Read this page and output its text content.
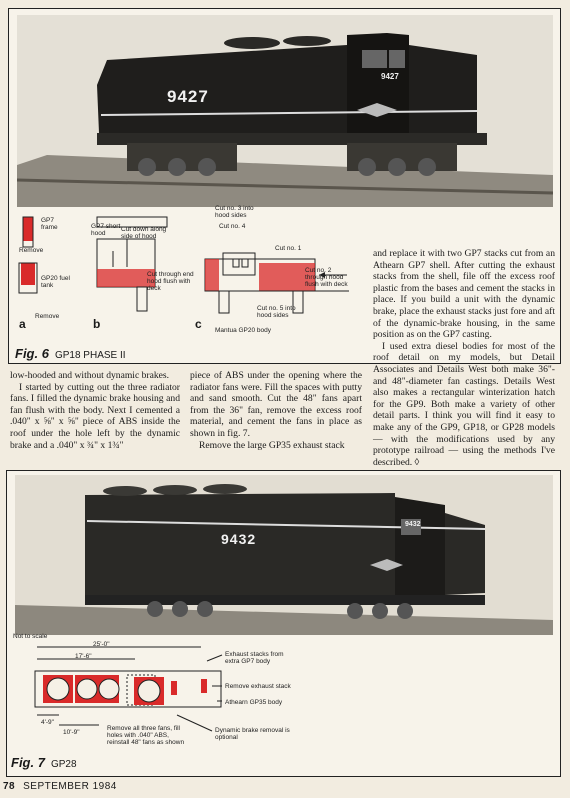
9427
9427
GP7 frame
Remove
GP20 fuel tank
Remove
a
GP7 short hood
Cut down along side of hood
Cut through end hood flush with deck
b
Cut no. 3 into hood sides
Cut no. 4
Cut no. 1
Cut no. 2 through hood flush with deck
Cut no. 5 into hood sides
Mantua GP20 body
c
Fig. 6 GP18 PHASE II

and replace it with two GP7 stacks cut from an Athearn GP7 shell. After cutting the exhaust stacks from the shell, file off the excess roof plastic from the bases and cement the stacks in place. If you build a unit with the dynamic brake, place the exhaust stacks just fore and aft of the dynamic-brake housing, in the same position as on the GP7 casting.

I used extra diesel bodies for most of the roof detail on my models, but Detail Associates and Details West both make 36"- and 48"-diameter fan castings. Details West also makes a rectangular winterization hatch for the GP9. Both make a variety of other detail parts. I think you will find it easy to make any of the GP9, GP18, or GP28 models — with the modifications used by any prototype railroad — using the methods I've described. ◊

low-hooded and without dynamic brakes.

I started by cutting out the three radiator fans. I filled the dynamic brake housing and fan flush with the body. Next I cemented a .040" x ⅝" x ⅝" piece of ABS inside the roof under the hole left by the dynamic brake and a .040" x ¾" x 1¾"

piece of ABS under the opening where the radiator fans were. Fill the spaces with putty and sand smooth. Cut the 48" fans apart from the 36" fan, remove the excess roof material, and cement the fans in place as shown in fig. 7.

Remove the large GP35 exhaust stack

9432
9432
Not to scale
25'-0"
17'-6"
4'-9"
10'-9"
Exhaust stacks from extra GP7 body
Remove exhaust stack
Athearn GP35 body
Dynamic brake removal is optional
Remove all three fans, fill holes with .040" ABS, reinstall 48" fans as shown
Fig. 7 GP28
78 SEPTEMBER 1984
